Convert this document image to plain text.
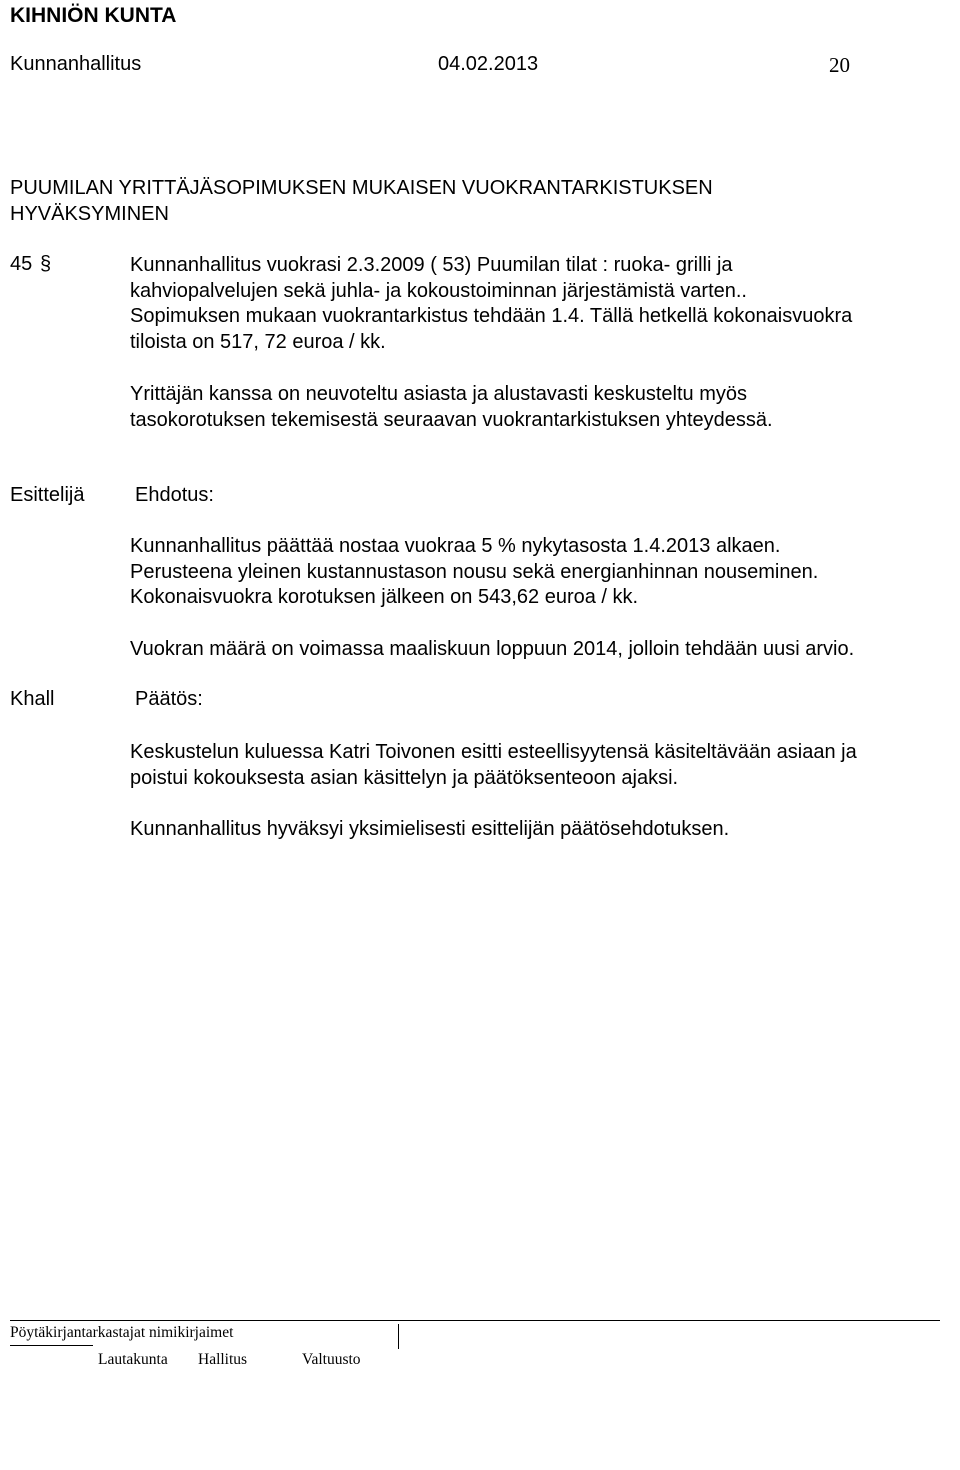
KIHNIÖN KUNTA
Kunnanhallitus	04.02.2013	20
PUUMILAN YRITTÄJÄSOPIMUKSEN MUKAISEN VUOKRANTARKISTUKSEN
HYVÄKSYMINEN
45 §	Kunnanhallitus vuokrasi 2.3.2009 ( 53) Puumilan tilat : ruoka- grilli ja
kahviopalvelujen sekä juhla- ja kokoustoiminnan järjestämistä varten..
Sopimuksen mukaan vuokrantarkistus tehdään 1.4. Tällä hetkellä kokonaisvuokra
tiloista on 517, 72 euroa / kk.
Yrittäjän kanssa on neuvoteltu asiasta ja alustavasti keskusteltu myös
tasokorotuksen tekemisestä seuraavan vuokrantarkistuksen yhteydessä.
Esittelijä	Ehdotus:
Kunnanhallitus päättää nostaa vuokraa 5 % nykytasosta 1.4.2013 alkaen.
Perusteena yleinen kustannustason nousu sekä energianhinnan nouseminen.
Kokonaisvuokra korotuksen jälkeen on 543,62 euroa / kk.
Vuokran määrä on voimassa maaliskuun loppuun 2014, jolloin tehdään uusi arvio.
Khall	Päätös:
Keskustelun kuluessa Katri Toivonen esitti esteellisyytensä käsiteltävään asiaan ja
poistui kokouksesta asian käsittelyn ja päätöksenteoon ajaksi.
Kunnanhallitus hyväksyi yksimielisesti esittelijän päätösehdotuksen.
Pöytäkirjantarkastajat nimikirjaimet
Lautakunta Hallitus	Valtuusto
